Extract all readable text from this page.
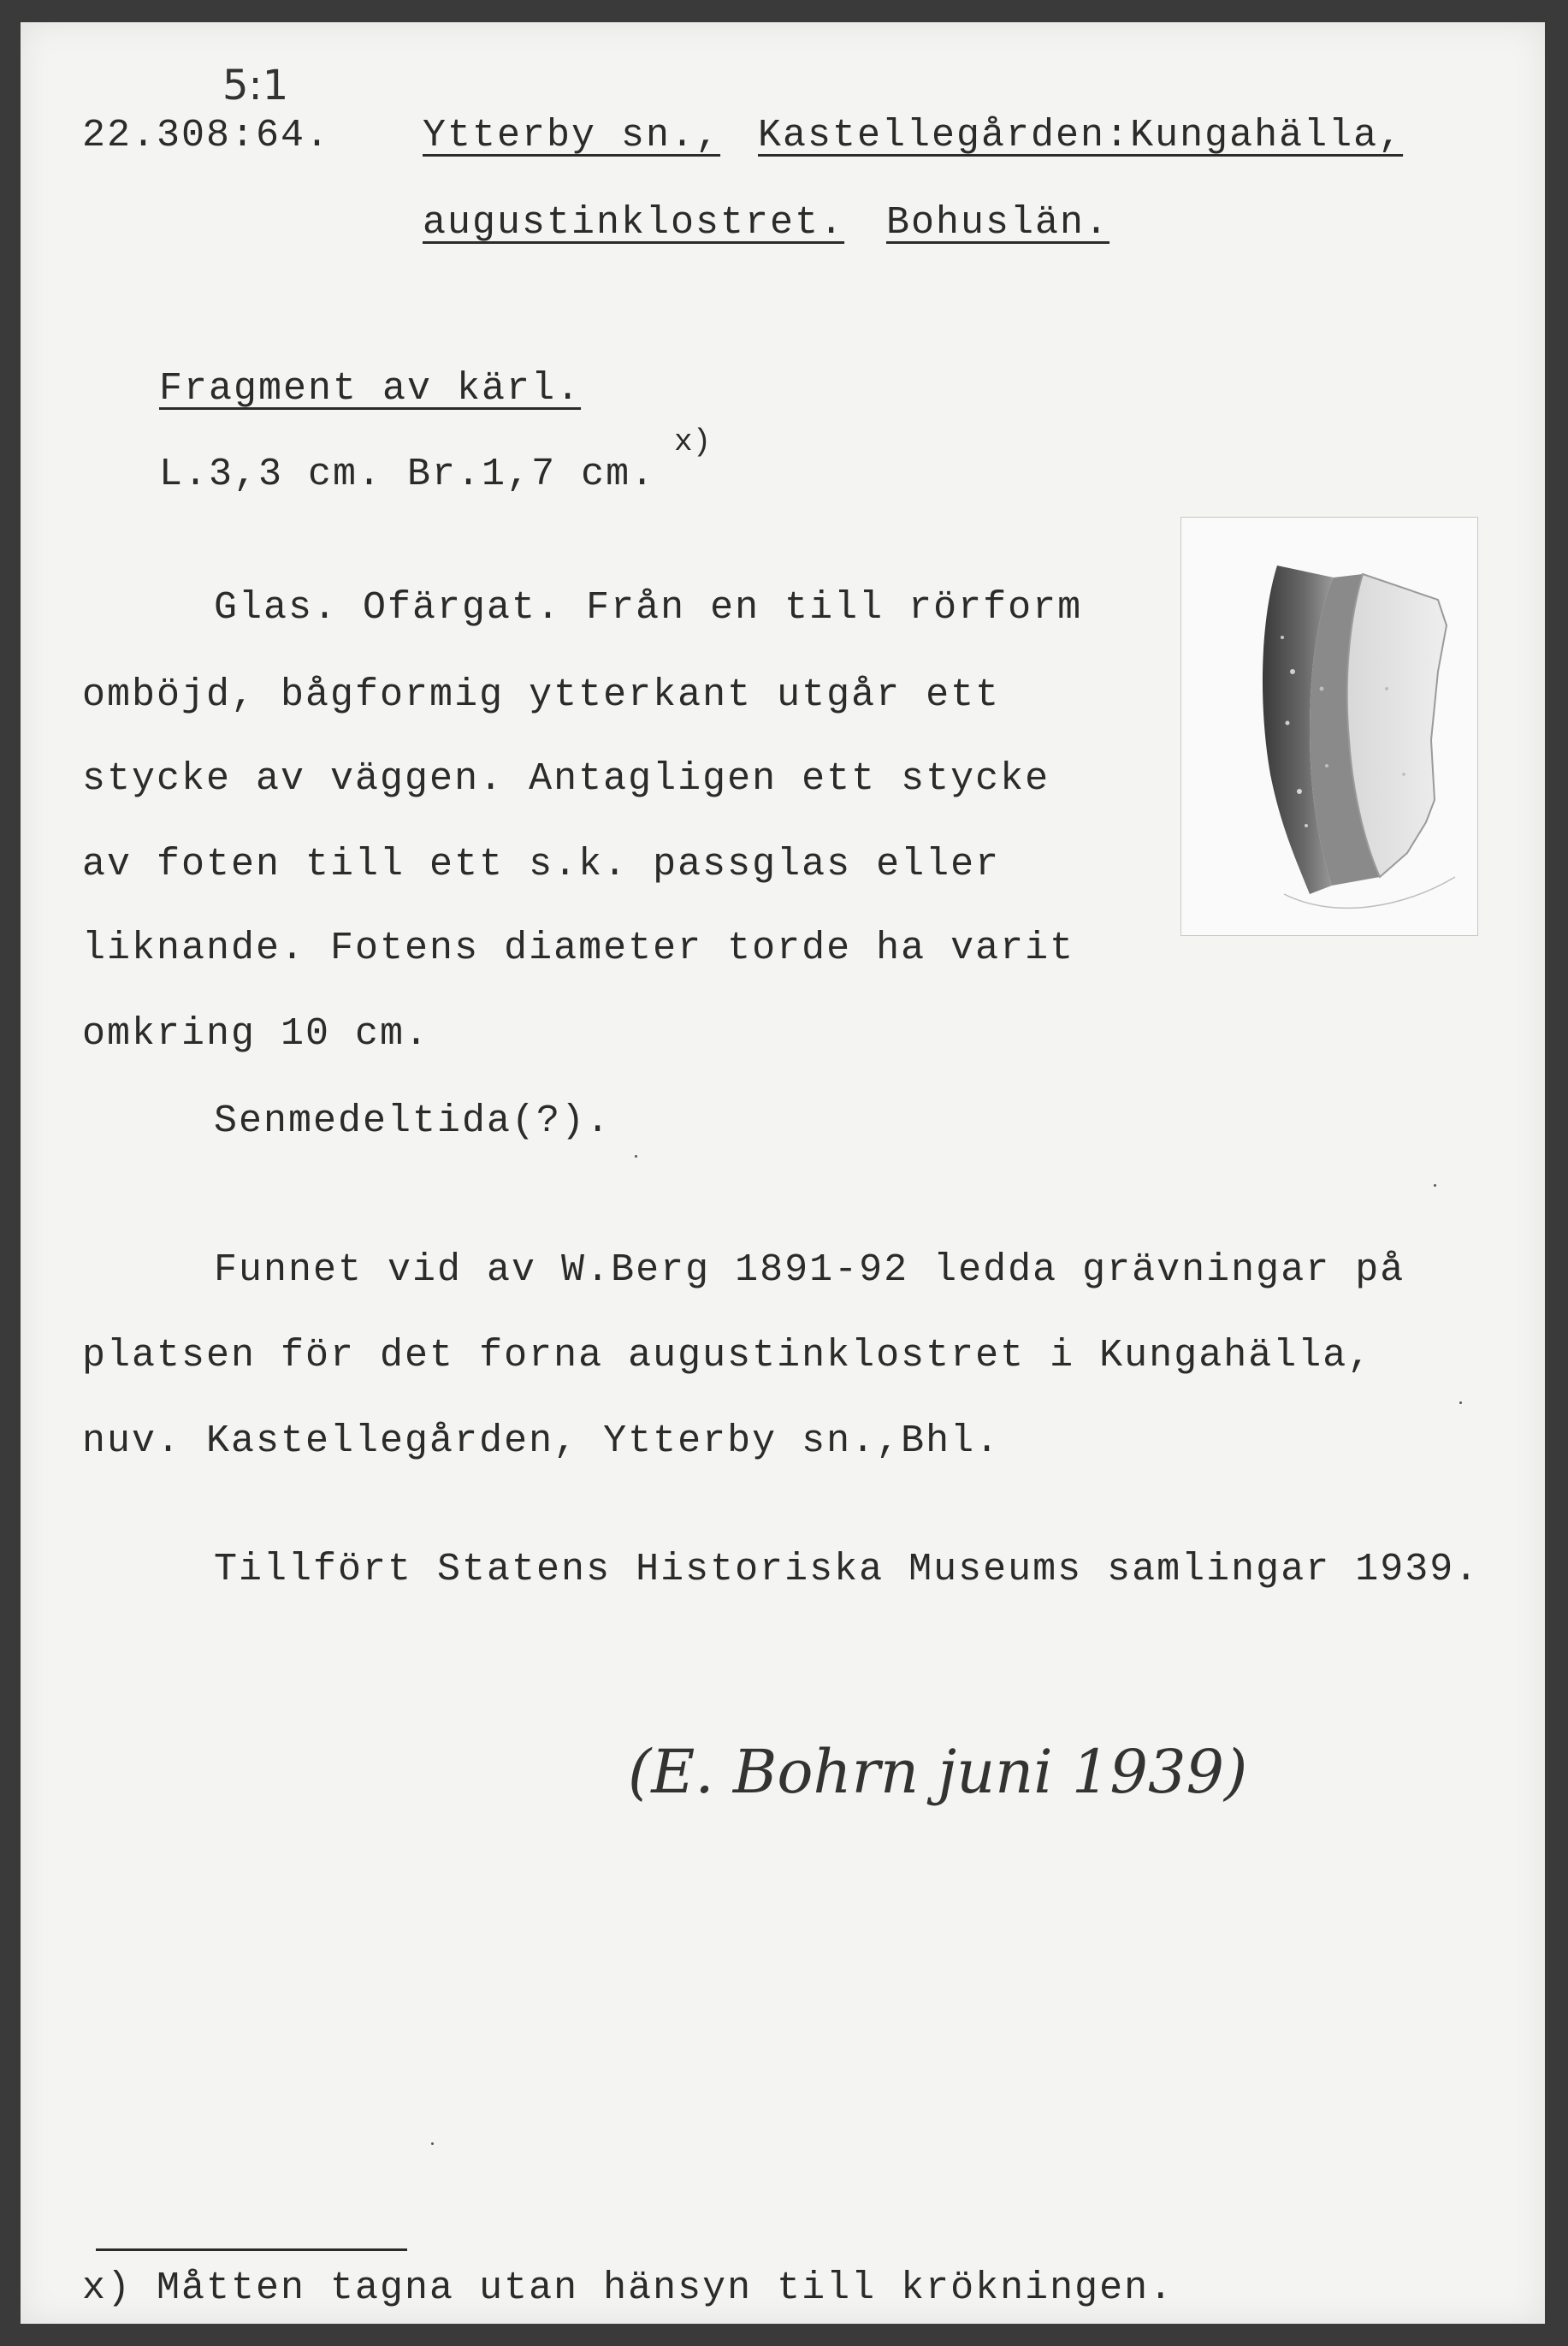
5:1
22.308:64. Ytterby sn., Kastellegården:Kungahälla,
augustinklostret. Bohuslän.
Fragment av kärl.
L.3,3 cm. Br.1,7 cm.
x)
Glas. Ofärgat. Från en till rörform
omböjd, bågformig ytterkant utgår ett
stycke av väggen. Antagligen ett stycke
av foten till ett s.k. passglas eller
liknande. Fotens diameter torde ha varit
omkring 10 cm.
Senmedeltida(?).
Funnet vid av W.Berg 1891-92 ledda grävningar på
platsen för det forna augustinklostret i Kungahälla,
nuv. Kastellegården, Ytterby sn.,Bhl.
Tillfört Statens Historiska Museums samlingar 1939.
(E. Bohrn juni 1939)
x) Måtten tagna utan hänsyn till krökningen.
